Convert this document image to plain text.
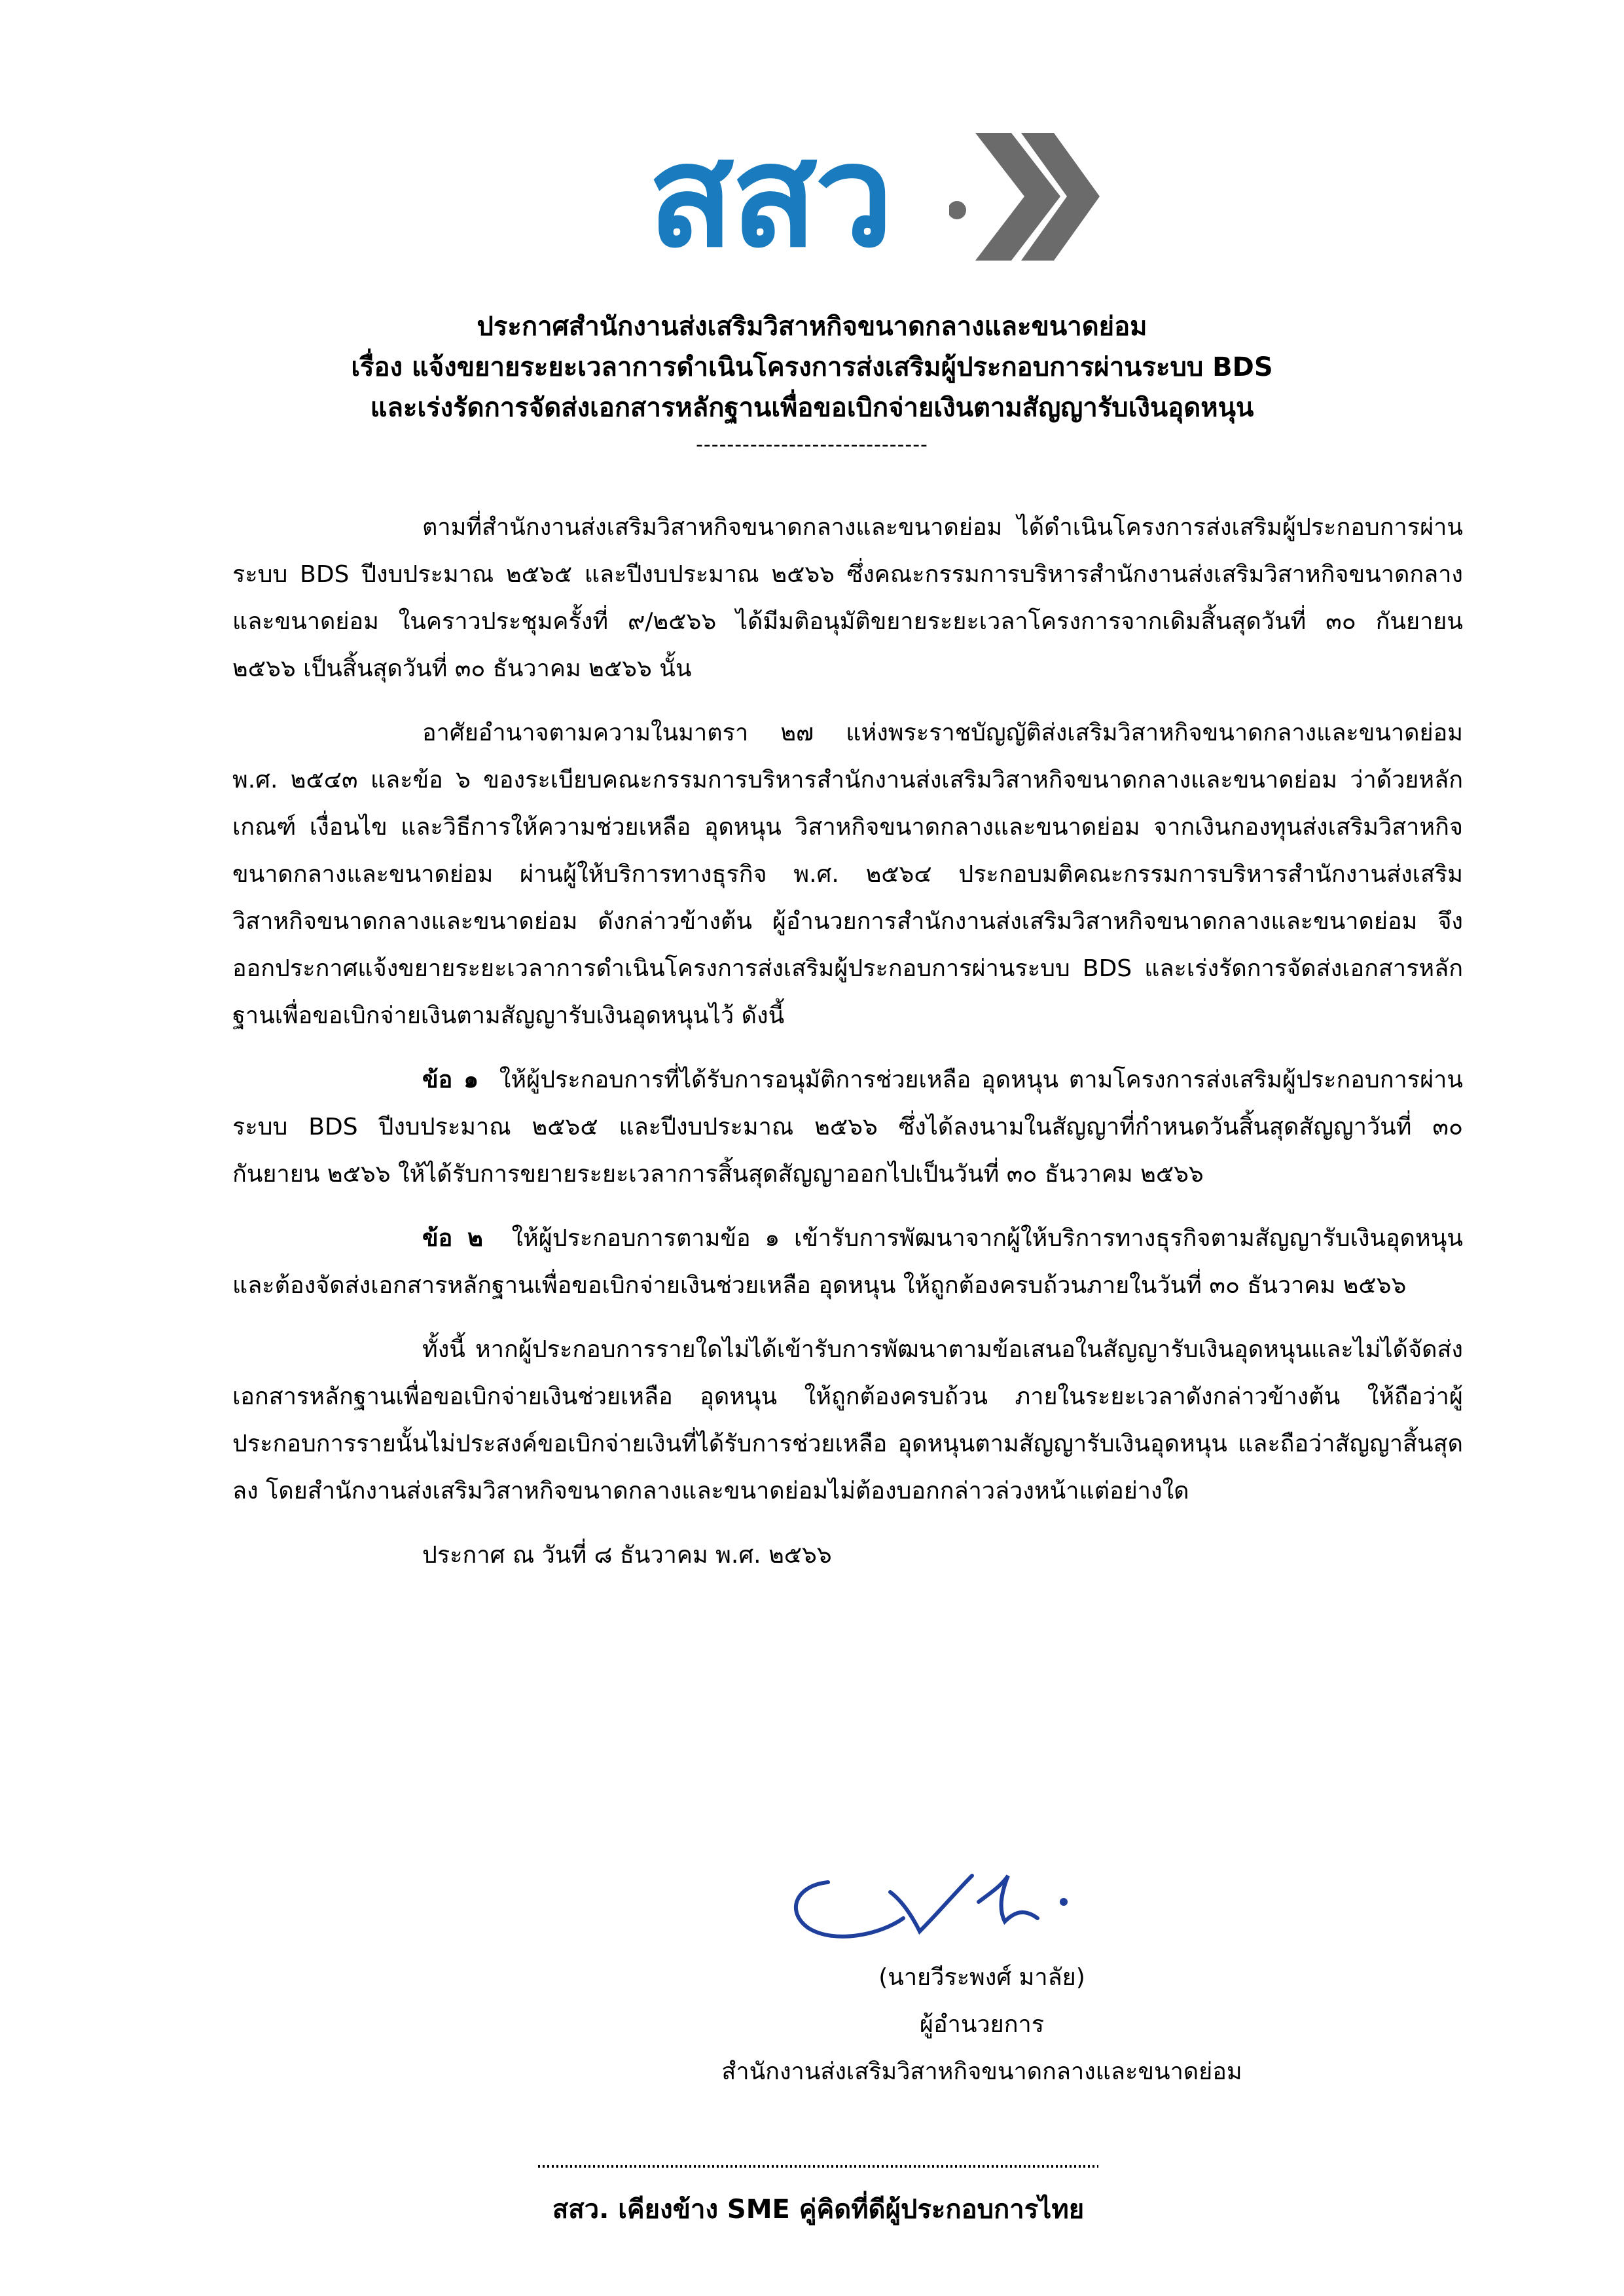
สสว
ประกาศสำนักงานส่งเสริมวิสาหกิจขนาดกลางและขนาดย่อม
เรื่อง แจ้งขยายระยะเวลาการดำเนินโครงการส่งเสริมผู้ประกอบการผ่านระบบ BDS
และเร่งรัดการจัดส่งเอกสารหลักฐานเพื่อขอเบิกจ่ายเงินตามสัญญารับเงินอุดหนุน
------------------------------

ตามที่สำนักงานส่งเสริมวิสาหกิจขนาดกลางและขนาดย่อม ได้ดำเนินโครงการส่งเสริมผู้ประกอบการผ่านระบบ BDS ปีงบประมาณ ๒๕๖๕ และปีงบประมาณ ๒๕๖๖ ซึ่งคณะกรรมการบริหารสำนักงานส่งเสริมวิสาหกิจขนาดกลางและขนาดย่อม ในคราวประชุมครั้งที่ ๙/๒๕๖๖ ได้มีมติอนุมัติขยายระยะเวลาโครงการจากเดิมสิ้นสุดวันที่ ๓๐ กันยายน ๒๕๖๖ เป็นสิ้นสุดวันที่ ๓๐ ธันวาคม ๒๕๖๖ นั้น

อาศัยอำนาจตามความในมาตรา ๒๗ แห่งพระราชบัญญัติส่งเสริมวิสาหกิจขนาดกลางและขนาดย่อม พ.ศ. ๒๕๔๓ และข้อ ๖ ของระเบียบคณะกรรมการบริหารสำนักงานส่งเสริมวิสาหกิจขนาดกลางและขนาดย่อม ว่าด้วยหลักเกณฑ์ เงื่อนไข และวิธีการให้ความช่วยเหลือ อุดหนุน วิสาหกิจขนาดกลางและขนาดย่อม จากเงินกองทุนส่งเสริมวิสาหกิจขนาดกลางและขนาดย่อม ผ่านผู้ให้บริการทางธุรกิจ พ.ศ. ๒๕๖๔ ประกอบมติคณะกรรมการบริหารสำนักงานส่งเสริมวิสาหกิจขนาดกลางและขนาดย่อม ดังกล่าวข้างต้น ผู้อำนวยการสำนักงานส่งเสริมวิสาหกิจขนาดกลางและขนาดย่อม จึงออกประกาศแจ้งขยายระยะเวลาการดำเนินโครงการส่งเสริมผู้ประกอบการผ่านระบบ BDS และเร่งรัดการจัดส่งเอกสารหลักฐานเพื่อขอเบิกจ่ายเงินตามสัญญารับเงินอุดหนุนไว้ ดังนี้

ข้อ ๑ ให้ผู้ประกอบการที่ได้รับการอนุมัติการช่วยเหลือ อุดหนุน ตามโครงการส่งเสริมผู้ประกอบการผ่านระบบ BDS ปีงบประมาณ ๒๕๖๕ และปีงบประมาณ ๒๕๖๖ ซึ่งได้ลงนามในสัญญาที่กำหนดวันสิ้นสุดสัญญาวันที่ ๓๐ กันยายน ๒๕๖๖ ให้ได้รับการขยายระยะเวลาการสิ้นสุดสัญญาออกไปเป็นวันที่ ๓๐ ธันวาคม ๒๕๖๖

ข้อ ๒ ให้ผู้ประกอบการตามข้อ ๑ เข้ารับการพัฒนาจากผู้ให้บริการทางธุรกิจตามสัญญารับเงินอุดหนุน และต้องจัดส่งเอกสารหลักฐานเพื่อขอเบิกจ่ายเงินช่วยเหลือ อุดหนุน ให้ถูกต้องครบถ้วนภายในวันที่ ๓๐ ธันวาคม ๒๕๖๖

ทั้งนี้ หากผู้ประกอบการรายใดไม่ได้เข้ารับการพัฒนาตามข้อเสนอในสัญญารับเงินอุดหนุนและไม่ได้จัดส่งเอกสารหลักฐานเพื่อขอเบิกจ่ายเงินช่วยเหลือ อุดหนุน ให้ถูกต้องครบถ้วน ภายในระยะเวลาดังกล่าวข้างต้น ให้ถือว่าผู้ประกอบการรายนั้นไม่ประสงค์ขอเบิกจ่ายเงินที่ได้รับการช่วยเหลือ อุดหนุนตามสัญญารับเงินอุดหนุน และถือว่าสัญญาสิ้นสุดลง โดยสำนักงานส่งเสริมวิสาหกิจขนาดกลางและขนาดย่อมไม่ต้องบอกกล่าวล่วงหน้าแต่อย่างใด

ประกาศ ณ วันที่ ๘ ธันวาคม พ.ศ. ๒๕๖๖

(นายวีระพงศ์ มาลัย)
ผู้อำนวยการ
สำนักงานส่งเสริมวิสาหกิจขนาดกลางและขนาดย่อม
สสว. เคียงข้าง SME คู่คิดที่ดีผู้ประกอบการไทย
